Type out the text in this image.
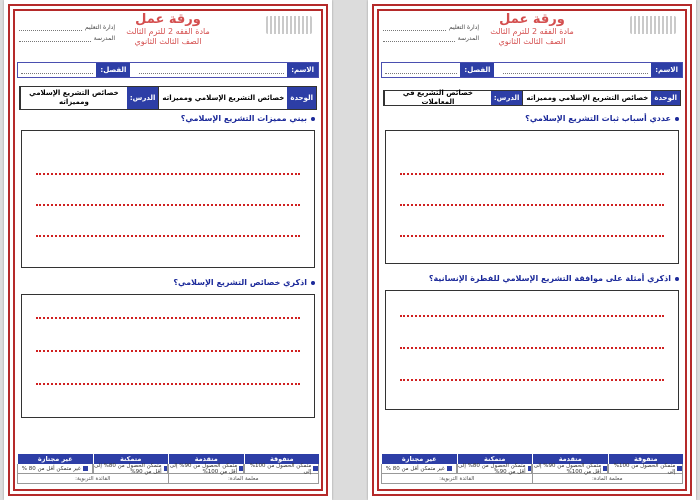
ورقة عمل
مادة الفقه 2 للترم الثالث
الصف الثالث الثانوي
إدارة التعليم
المدرسة
الاسم:
الفصل:
الوحدة
خصائص التشريع الإسلامي ومميزاته
الدرس:
خصائص التشريع الإسلامي ومميزاته
بيني مميزات التشريع الإسلامي؟
اذكري خصائص التشريع الإسلامي؟
متفوقة
متقدمة
متمكنة
غير مجتازة
متمكن الحصول من 100% إلى
متمكن الحصول من 90% إلى أقل من 100%
متمكن الحصول من 80% إلى أقل من 90%
غير متمكن أقل من 80 %
معلمة المادة:
القائدة التربوية:
ورقة عمل
مادة الفقه 2 للترم الثالث
الصف الثالث الثانوي
إدارة التعليم
المدرسة
الاسم:
الفصل:
الوحدة
خصائص التشريع الإسلامي ومميزاته
الدرس:
خصائص التشريع في المعاملات
عددي أسباب ثبات التشريع الإسلامي؟
اذكري أمثلة على موافقة التشريع الإسلامي للفطرة الإنسانية؟
متفوقة
متقدمة
متمكنة
غير مجتازة
متمكن الحصول من 100% إلى
متمكن الحصول من 90% إلى أقل من 100%
متمكن الحصول من 80% إلى أقل من 90%
غير متمكن أقل من 80 %
معلمة المادة:
القائدة التربوية:
